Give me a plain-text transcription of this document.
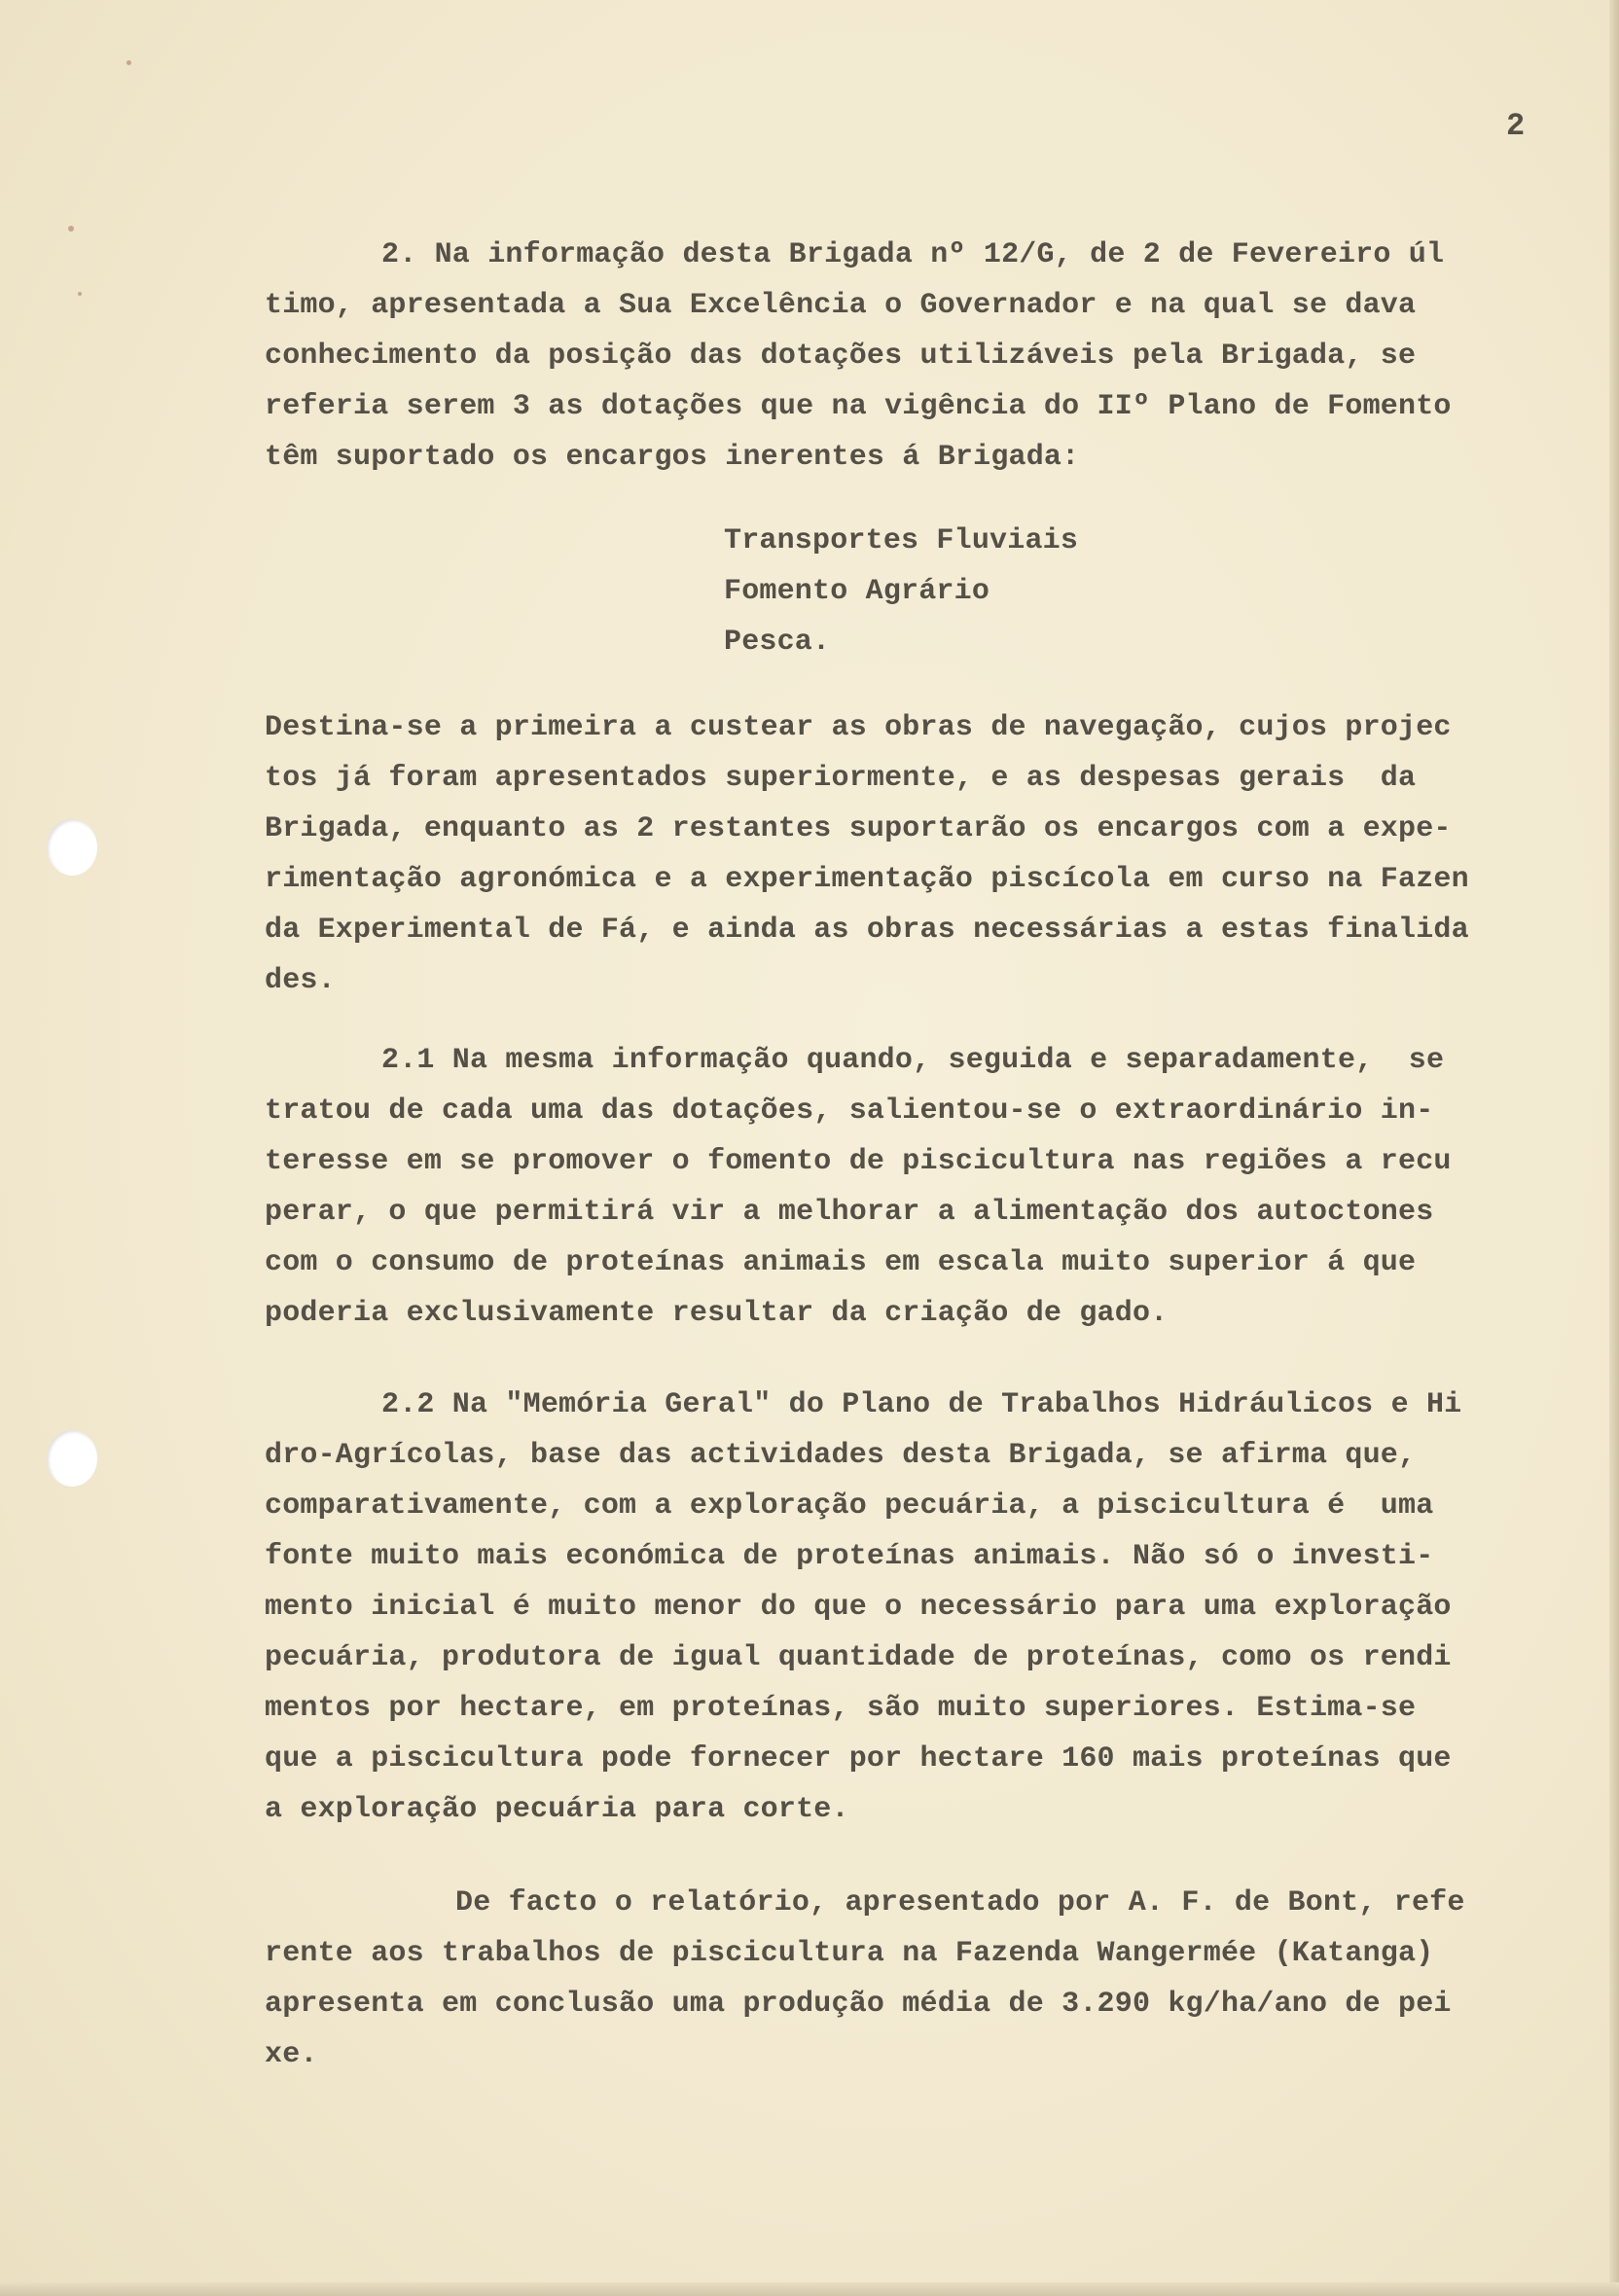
2
2. Na informação desta Brigada nº 12/G, de 2 de Fevereiro úl
timo, apresentada a Sua Excelência o Governador e na qual se dava
conhecimento da posição das dotações utilizáveis pela Brigada, se
referia serem 3 as dotações que na vigência do IIº Plano de Fomento
têm suportado os encargos inerentes á Brigada:
Transportes Fluviais
Fomento Agrário
Pesca.
Destina-se a primeira a custear as obras de navegação, cujos projec
tos já foram apresentados superiormente, e as despesas gerais  da
Brigada, enquanto as 2 restantes suportarão os encargos com a expe-
rimentação agronómica e a experimentação piscícola em curso na Fazen
da Experimental de Fá, e ainda as obras necessárias a estas finalida
des.
2.1 Na mesma informação quando, seguida e separadamente,  se
tratou de cada uma das dotações, salientou-se o extraordinário in-
teresse em se promover o fomento de piscicultura nas regiões a recu
perar, o que permitirá vir a melhorar a alimentação dos autoctones
com o consumo de proteínas animais em escala muito superior á que
poderia exclusivamente resultar da criação de gado.
2.2 Na "Memória Geral" do Plano de Trabalhos Hidráulicos e Hi
dro-Agrícolas, base das actividades desta Brigada, se afirma que,
comparativamente, com a exploração pecuária, a piscicultura é  uma
fonte muito mais económica de proteínas animais. Não só o investi-
mento inicial é muito menor do que o necessário para uma exploração
pecuária, produtora de igual quantidade de proteínas, como os rendi
mentos por hectare, em proteínas, são muito superiores. Estima-se
que a piscicultura pode fornecer por hectare 160 mais proteínas que
a exploração pecuária para corte.
De facto o relatório, apresentado por A. F. de Bont, refe
rente aos trabalhos de piscicultura na Fazenda Wangermée (Katanga)
apresenta em conclusão uma produção média de 3.290 kg/ha/ano de pei
xe.
